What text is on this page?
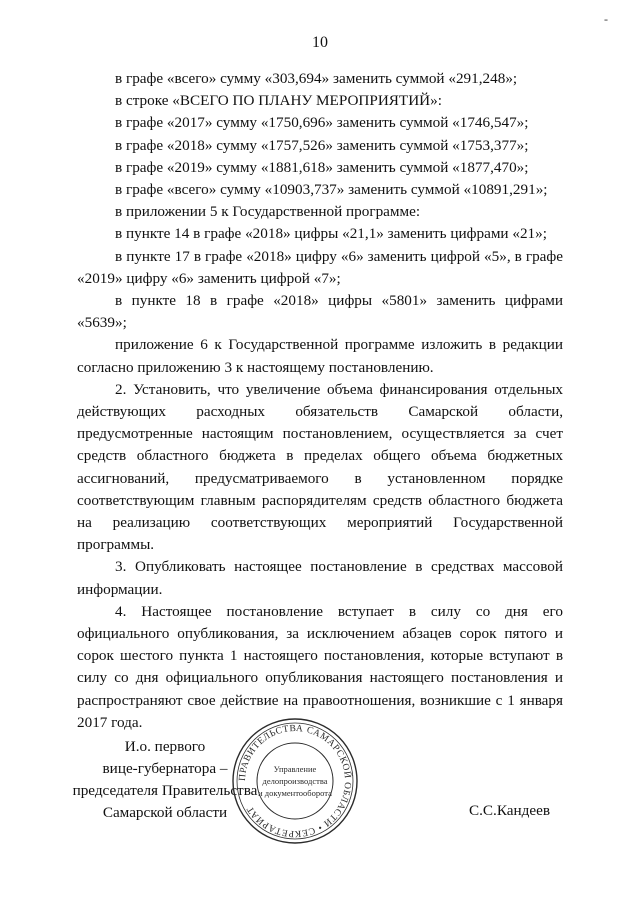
-
10

в графе «всего» сумму «303,694» заменить суммой «291,248»;

в строке «ВСЕГО ПО ПЛАНУ МЕРОПРИЯТИЙ»:

в графе «2017» сумму «1750,696» заменить суммой «1746,547»;

в графе «2018» сумму «1757,526» заменить суммой «1753,377»;

в графе «2019» сумму «1881,618» заменить суммой «1877,470»;

в графе «всего» сумму «10903,737» заменить суммой «10891,291»;

в приложении 5 к Государственной программе:

в пункте 14 в графе «2018» цифры «21,1» заменить цифрами «21»;

в пункте 17 в графе «2018» цифру «6» заменить цифрой «5», в графе «2019» цифру «6» заменить цифрой «7»;

в пункте 18 в графе «2018» цифры «5801» заменить цифрами «5639»;

приложение 6 к Государственной программе изложить в редакции согласно приложению 3 к настоящему постановлению.

2. Установить, что увеличение объема финансирования отдельных действующих расходных обязательств Самарской области, предусмотренные настоящим постановлением, осуществляется за счет средств областного бюджета в пределах общего объема бюджетных ассигнований, предусматриваемого в установленном порядке соответствующим главным распорядителям средств областного бюджета на реализацию соответствующих мероприятий Государственной программы.

3. Опубликовать настоящее постановление в средствах массовой информации.

4. Настоящее постановление вступает в силу со дня его официального опубликования, за исключением абзацев сорок пятого и сорок шестого пункта 1 настоящего постановления, которые вступают в силу со дня официального опубликования настоящего постановления и распространяют свое действие на правоотношения, возникшие с 1 января 2017 года.

И.о. первого
вице-губернатора –
председателя Правительства
Самарской области
ПРАВИТЕЛЬСТВА САМАРСКОЙ ОБЛАСТИ • СЕКРЕТАРИАТ
Управление
делопроизводства
и документооборота
С.С.Кандеев
